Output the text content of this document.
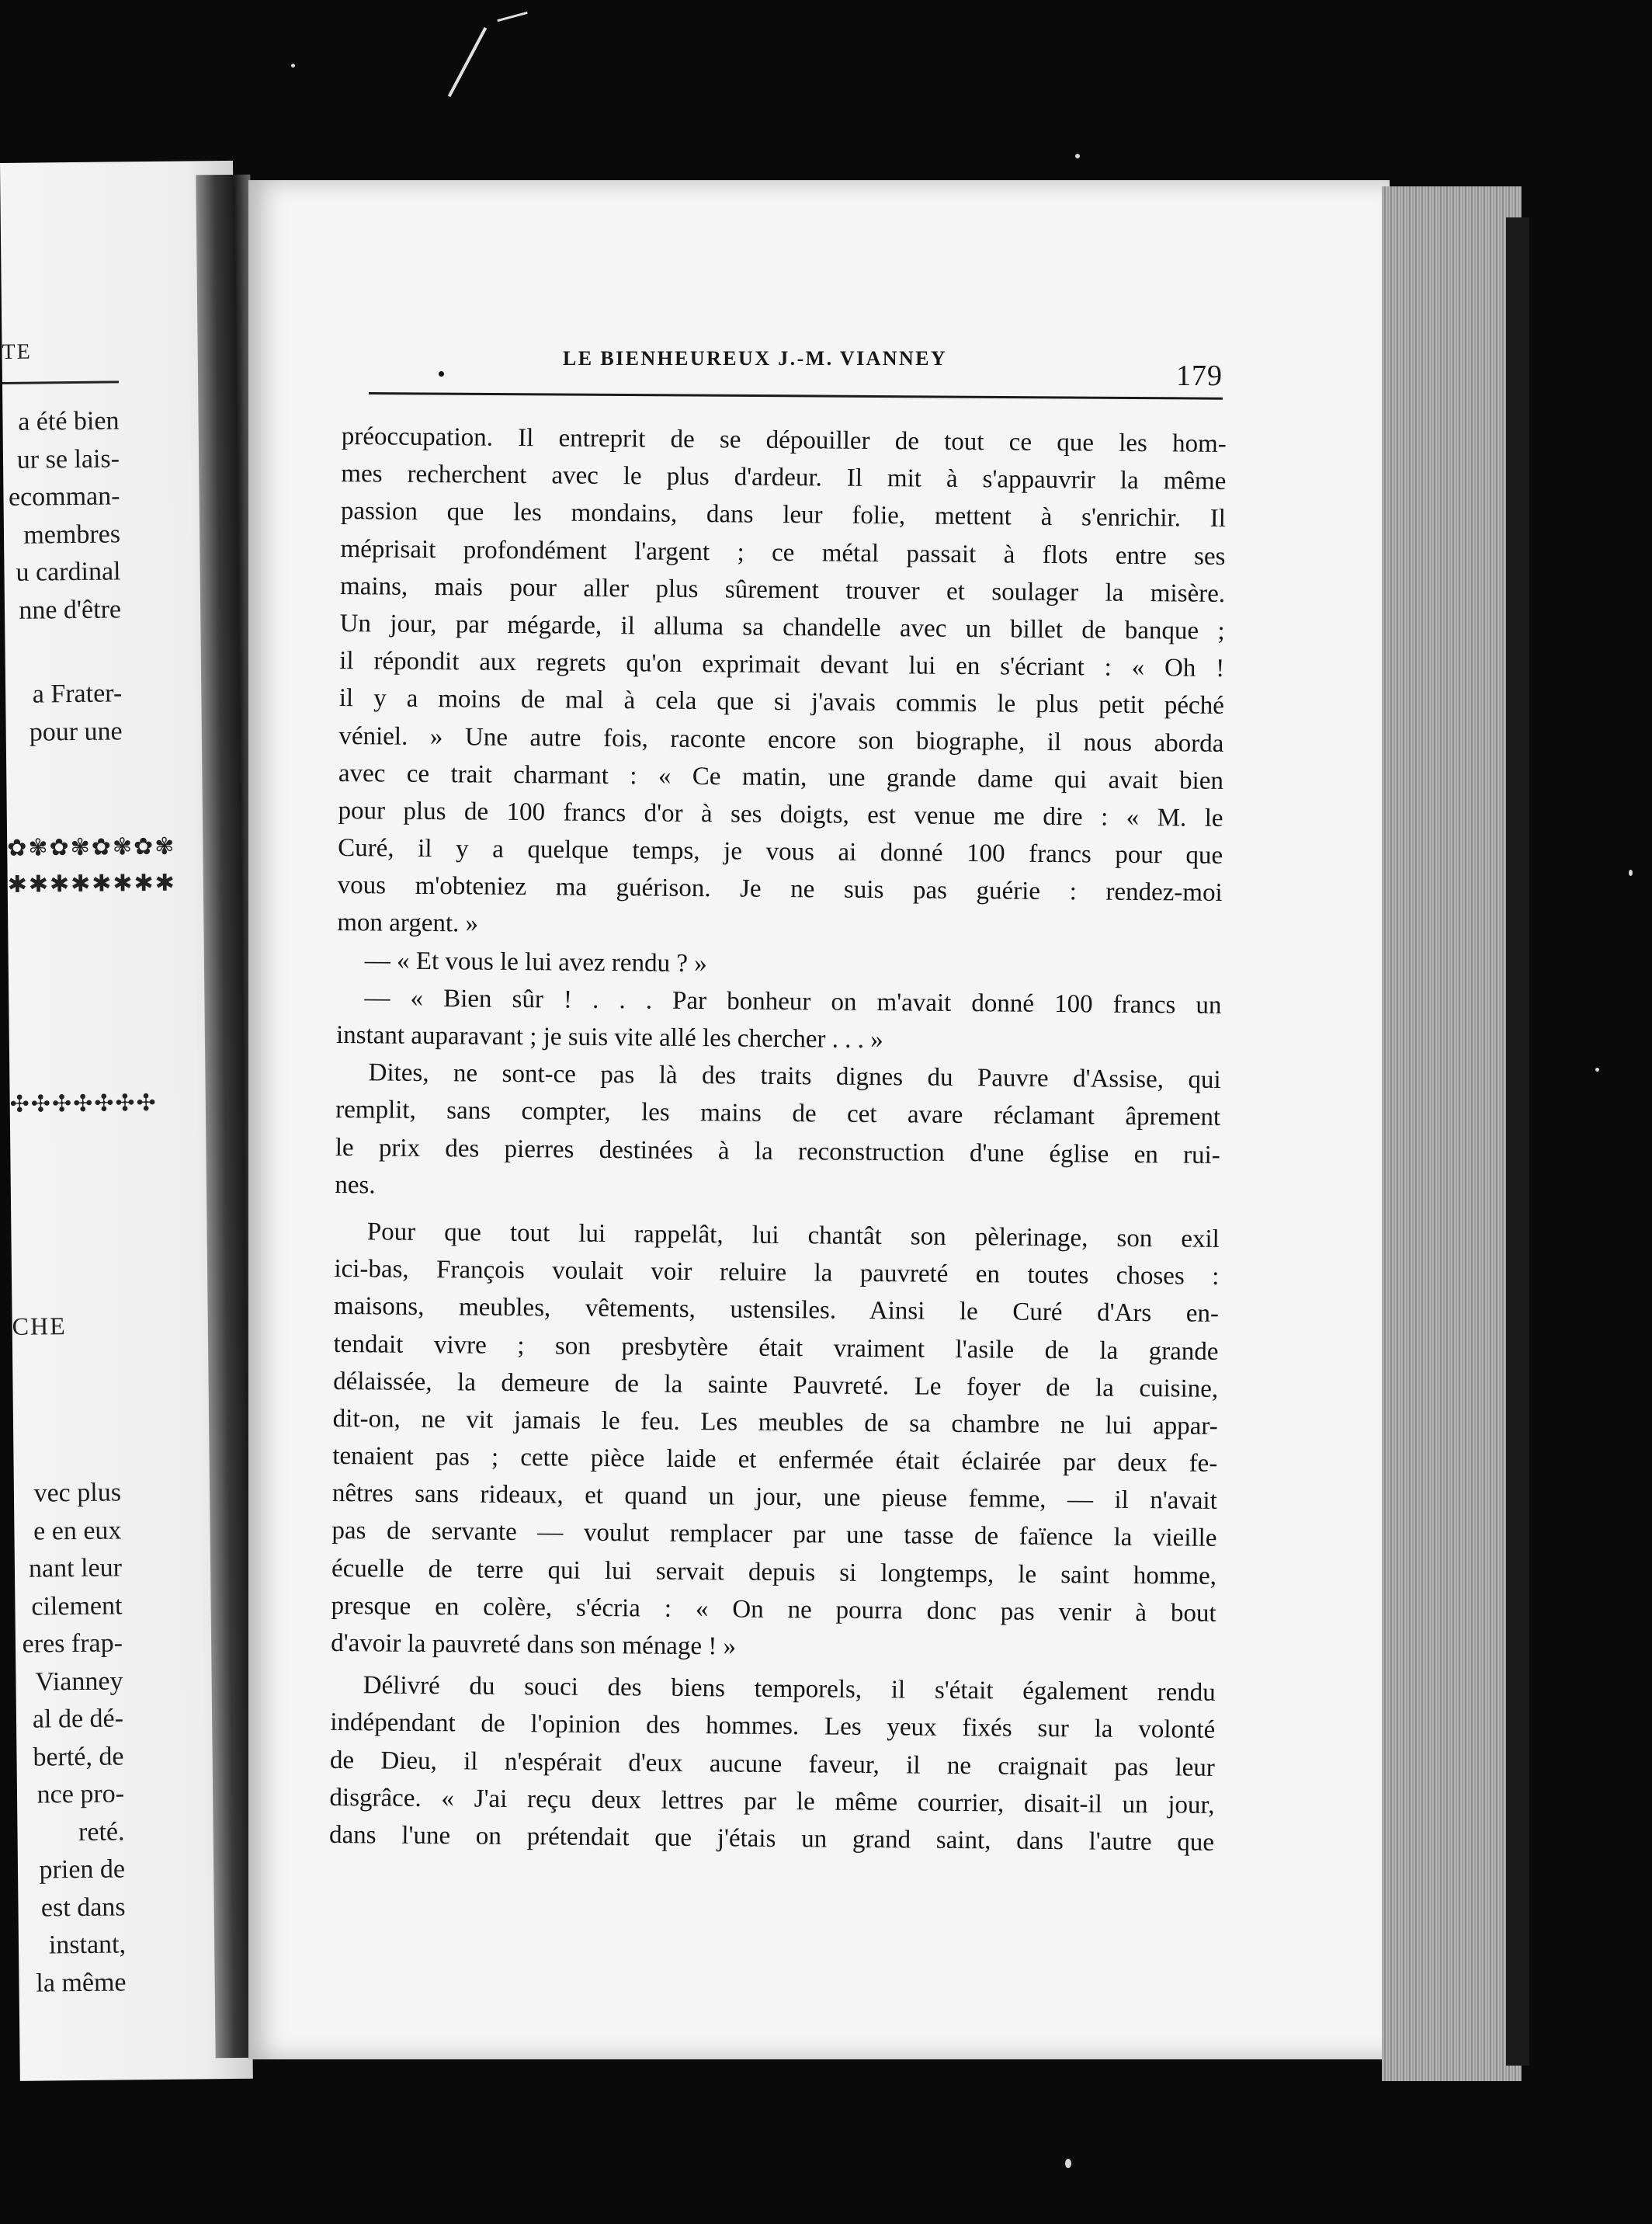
TE
a été bien
ur se lais-
ecomman-
membres
u cardinal
nne d'être
a Frater-
pour une
✿✾✿✾✿✾✿✾
✱✱✱✱✱✱✱✱
✣✣✣✣✣✣✣
CHE
vec plus
e en eux
nant leur
cilement
eres frap-
Vianney
al de dé-
berté, de
nce pro-
reté.
prien de
est dans
instant,
la même
LE BIENHEUREUX J.-M. VIANNEY
179
préoccupation. Il entreprit de se dépouiller de tout ce que les hom-
mes recherchent avec le plus d'ardeur. Il mit à s'appauvrir la même
passion que les mondains, dans leur folie, mettent à s'enrichir. Il
méprisait profondément l'argent ; ce métal passait à flots entre ses
mains, mais pour aller plus sûrement trouver et soulager la misère.
Un jour, par mégarde, il alluma sa chandelle avec un billet de banque ;
il répondit aux regrets qu'on exprimait devant lui en s'écriant : « Oh !
il y a moins de mal à cela que si j'avais commis le plus petit péché
véniel. » Une autre fois, raconte encore son biographe, il nous aborda
avec ce trait charmant : « Ce matin, une grande dame qui avait bien
pour plus de 100 francs d'or à ses doigts, est venue me dire : « M. le
Curé, il y a quelque temps, je vous ai donné 100 francs pour que
vous m'obteniez ma guérison. Je ne suis pas guérie : rendez-moi
mon argent. »
— « Et vous le lui avez rendu ? »
— « Bien sûr ! . . . Par bonheur on m'avait donné 100 francs un
instant auparavant ; je suis vite allé les chercher . . . »
Dites, ne sont-ce pas là des traits dignes du Pauvre d'Assise, qui
remplit, sans compter, les mains de cet avare réclamant âprement
le prix des pierres destinées à la reconstruction d'une église en rui-
nes.
Pour que tout lui rappelât, lui chantât son pèlerinage, son exil
ici-bas, François voulait voir reluire la pauvreté en toutes choses :
maisons, meubles, vêtements, ustensiles. Ainsi le Curé d'Ars en-
tendait vivre ; son presbytère était vraiment l'asile de la grande
délaissée, la demeure de la sainte Pauvreté. Le foyer de la cuisine,
dit-on, ne vit jamais le feu. Les meubles de sa chambre ne lui appar-
tenaient pas ; cette pièce laide et enfermée était éclairée par deux fe-
nêtres sans rideaux, et quand un jour, une pieuse femme, — il n'avait
pas de servante — voulut remplacer par une tasse de faïence la vieille
écuelle de terre qui lui servait depuis si longtemps, le saint homme,
presque en colère, s'écria : « On ne pourra donc pas venir à bout
d'avoir la pauvreté dans son ménage ! »
Délivré du souci des biens temporels, il s'était également rendu
indépendant de l'opinion des hommes. Les yeux fixés sur la volonté
de Dieu, il n'espérait d'eux aucune faveur, il ne craignait pas leur
disgrâce. « J'ai reçu deux lettres par le même courrier, disait-il un jour,
dans l'une on prétendait que j'étais un grand saint, dans l'autre que
